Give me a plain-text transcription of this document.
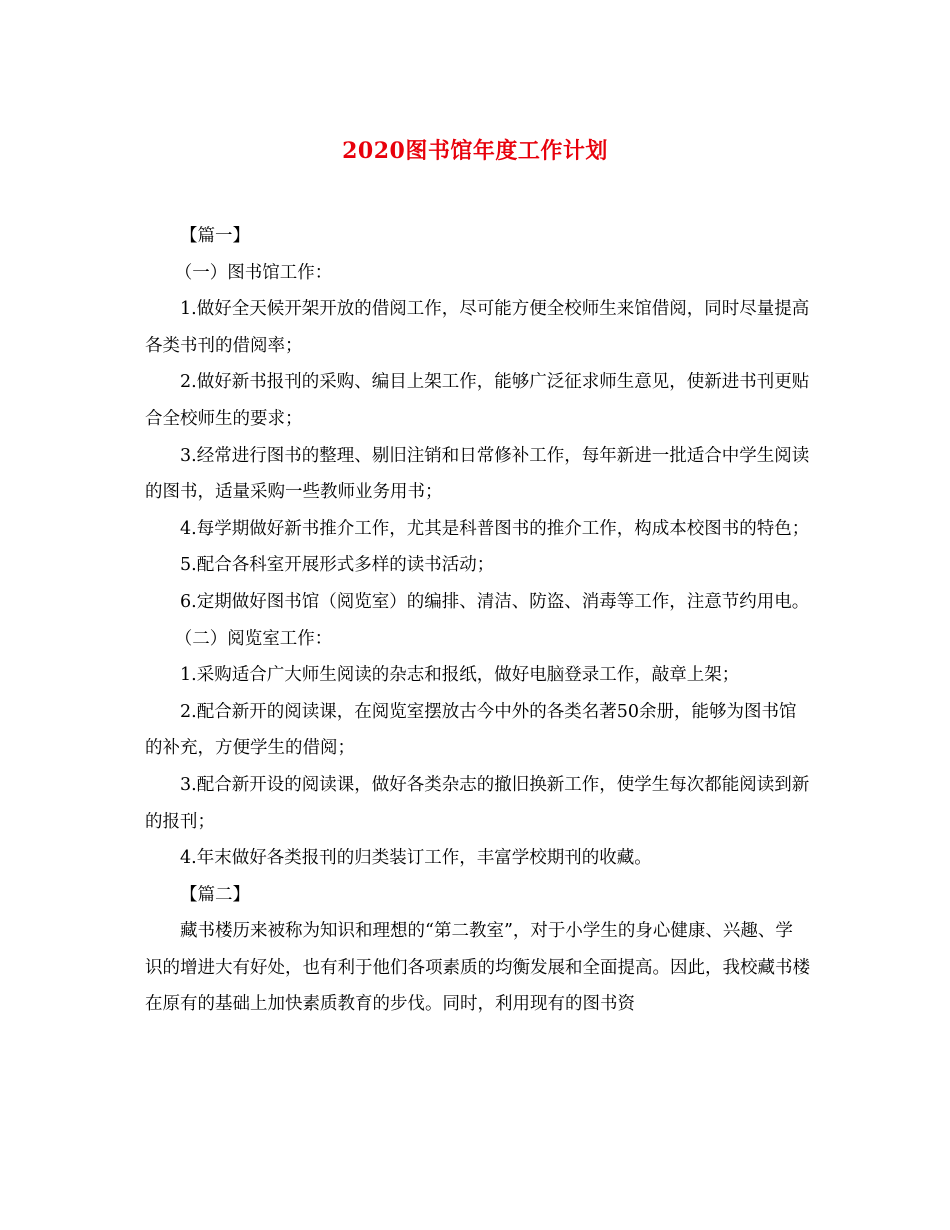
2020图书馆年度工作计划

【篇一】

（一）图书馆工作：

1.做好全天候开架开放的借阅工作，尽可能方便全校师生来馆借阅，同时尽量提高各类书刊的借阅率；

2.做好新书报刊的采购、编目上架工作，能够广泛征求师生意见，使新进书刊更贴合全校师生的要求；

3.经常进行图书的整理、剔旧注销和日常修补工作，每年新进一批适合中学生阅读的图书，适量采购一些教师业务用书；

4.每学期做好新书推介工作，尤其是科普图书的推介工作，构成本校图书的特色；

5.配合各科室开展形式多样的读书活动；

6.定期做好图书馆（阅览室）的编排、清洁、防盗、消毒等工作，注意节约用电。

（二）阅览室工作：

1.采购适合广大师生阅读的杂志和报纸，做好电脑登录工作，敲章上架；

2.配合新开的阅读课，在阅览室摆放古今中外的各类名著50余册，能够为图书馆的补充，方便学生的借阅；

3.配合新开设的阅读课，做好各类杂志的撤旧换新工作，使学生每次都能阅读到新的报刊；

4.年末做好各类报刊的归类装订工作，丰富学校期刊的收藏。

【篇二】

藏书楼历来被称为知识和理想的“第二教室”，对于小学生的身心健康、兴趣、学识的增进大有好处，也有利于他们各项素质的均衡发展和全面提高。因此，我校藏书楼在原有的基础上加快素质教育的步伐。同时，利用现有的图书资
